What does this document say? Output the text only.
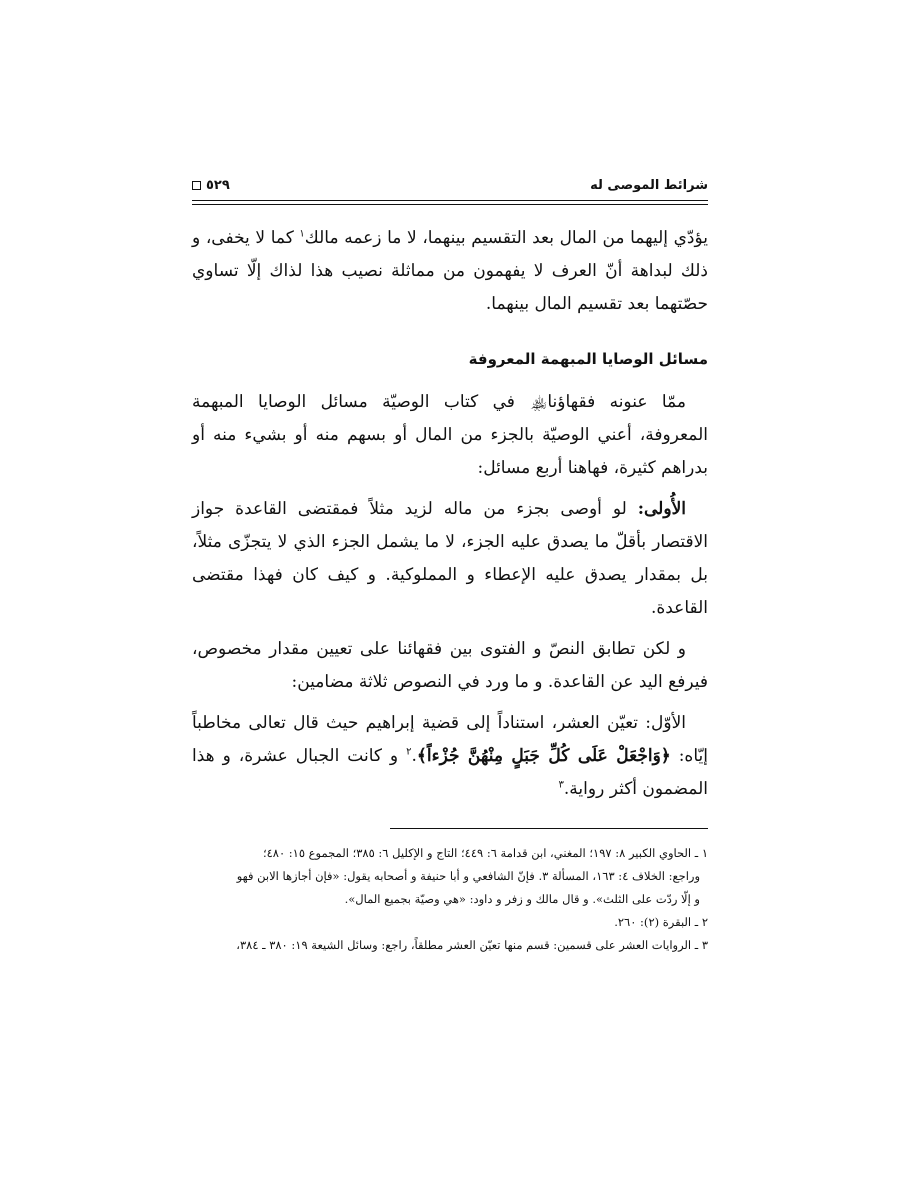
شرائط الموصى له
٥٢٩

يؤدّي إليهما من المال بعد التقسيم بينهما، لا ما زعمه مالك$^١$ كما لا يخفى، و ذلك لبداهة أنّ العرف لا يفهمون من مماثلة نصيب هذا لذاك إلّا تساوي حصّتهما بعد تقسيم المال بينهما.

مسائل الوصايا المبهمة المعروفة

ممّا عنونه فقهاؤنا﵏ في كتاب الوصيّة مسائل الوصايا المبهمة المعروفة، أعني الوصيّة بالجزء من المال أو بسهم منه أو بشيء منه أو بدراهم كثيرة، فهاهنا أربع مسائل:

الأُولى: لو أوصى بجزء من ماله لزيد مثلاً فمقتضى القاعدة جواز الاقتصار بأقلّ ما يصدق عليه الجزء، لا ما يشمل الجزء الذي لا يتجزّى مثلاً، بل بمقدار يصدق عليه الإعطاء و المملوكية. و كيف كان فهذا مقتضى القاعدة.

و لكن تطابق النصّ و الفتوى بين فقهائنا على تعيين مقدار مخصوص، فيرفع اليد عن القاعدة. و ما ورد في النصوص ثلاثة مضامين:

الأوّل: تعيّن العشر، استناداً إلى قضية إبراهيم حيث قال تعالى مخاطباً إيّاه: ﴿وَاجْعَلْ عَلَى كُلِّ جَبَلٍ مِنْهُنَّ جُزْءاً﴾.$^٢$ و كانت الجبال عشرة، و هذا المضمون أكثر رواية.$^٣$

١ ـ الحاوي الكبير ٨: ١٩٧؛ المغني، ابن قدامة ٦: ٤٤٩؛ التاج و الإكليل ٦: ٣٨٥؛ المجموع ١٥: ٤٨٠؛

وراجع: الخلاف ٤: ١٦٣، المسألة ٣. فإنّ الشافعي و أبا حنيفة و أصحابه يقول: «فإن أجازها الابن فهو

و إلّا ردّت على الثلث». و قال مالك و زفر و داود: «هي وصيّة بجميع المال».

٢ ـ البقرة (٢): ٢٦٠.

٣ ـ الروايات العشر على قسمين: قسم منها تعيّن العشر مطلقاً، راجع: وسائل الشيعة ١٩: ٣٨٠ ـ ٣٨٤،
